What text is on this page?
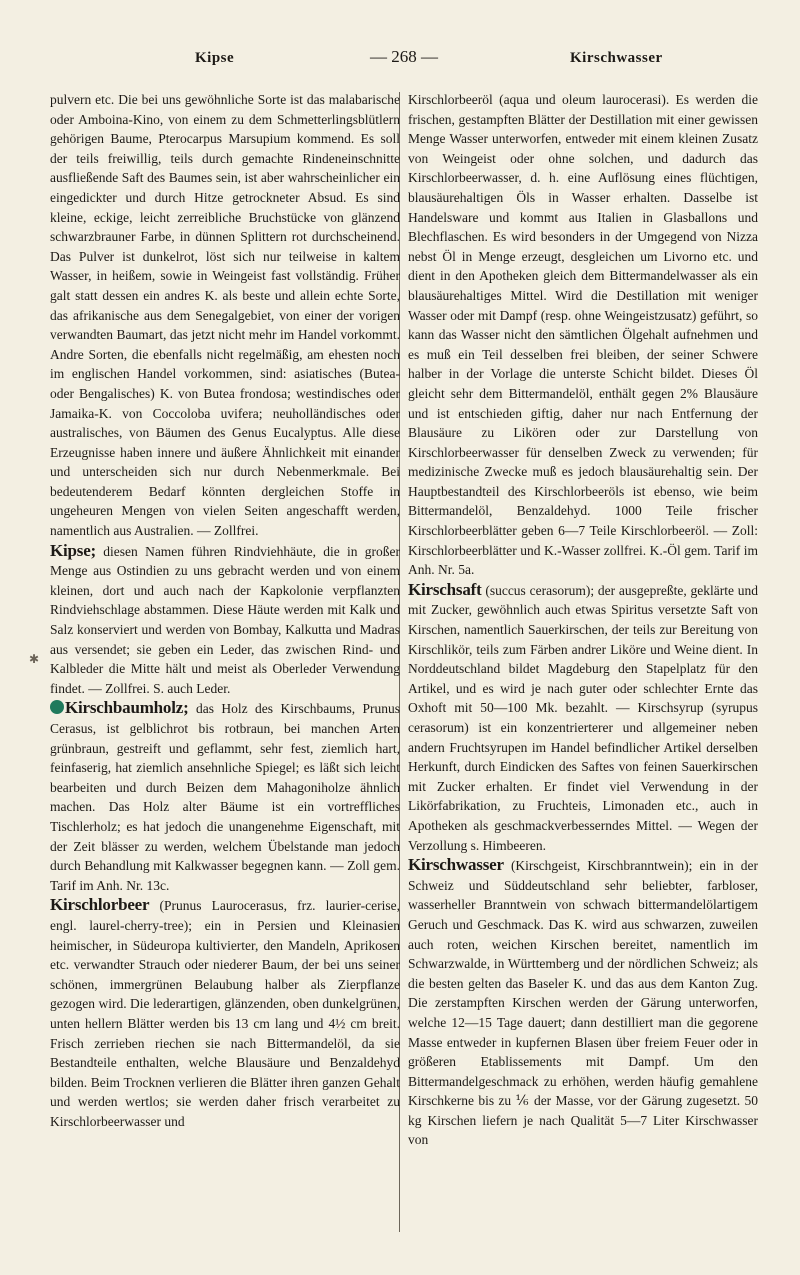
Kipse	— 268 —	Kirschwasser
✱

pulvern etc. Die bei uns gewöhnliche Sorte ist das malabarische oder Amboina-Kino, von einem zu dem Schmetterlingsblütlern gehörigen Baume, Pterocarpus Marsupium kommend. Es soll der teils freiwillig, teils durch gemachte Rindeneinschnitte ausfließende Saft des Baumes sein, ist aber wahrscheinlicher ein eingedickter und durch Hitze getrockneter Absud. Es sind kleine, eckige, leicht zerreibliche Bruchstücke von glänzend schwarzbrauner Farbe, in dünnen Splittern rot durchscheinend. Das Pulver ist dunkelrot, löst sich nur teilweise in kaltem Wasser, in heißem, sowie in Weingeist fast vollständig. Früher galt statt dessen ein andres K. als beste und allein echte Sorte, das afrikanische aus dem Senegalgebiet, von einer der vorigen verwandten Baumart, das jetzt nicht mehr im Handel vorkommt. Andre Sorten, die ebenfalls nicht regelmäßig, am ehesten noch im englischen Handel vorkommen, sind: asiatisches (Butea- oder Bengalisches) K. von Butea frondosa; westindisches oder Jamaika-K. von Coccoloba uvifera; neuholländisches oder australisches, von Bäumen des Genus Eucalyptus. Alle diese Erzeugnisse haben innere und äußere Ähnlichkeit mit einander und unterscheiden sich nur durch Nebenmerkmale. Bei bedeutenderem Bedarf könnten dergleichen Stoffe in ungeheuren Mengen von vielen Seiten angeschafft werden, namentlich aus Australien. — Zollfrei.

Kipse; diesen Namen führen Rindviehhäute, die in großer Menge aus Ostindien zu uns gebracht werden und von einem kleinen, dort und auch nach der Kapkolonie verpflanzten Rindviehschlage abstammen. Diese Häute werden mit Kalk und Salz konserviert und werden von Bombay, Kalkutta und Madras aus versendet; sie geben ein Leder, das zwischen Rind- und Kalbleder die Mitte hält und meist als Oberleder Verwendung findet. — Zollfrei. S. auch Leder.

Kirschbaumholz; das Holz des Kirschbaums, Prunus Cerasus, ist gelblichrot bis rotbraun, bei manchen Arten grünbraun, gestreift und geflammt, sehr fest, ziemlich hart, feinfaserig, hat ziemlich ansehnliche Spiegel; es läßt sich leicht bearbeiten und durch Beizen dem Mahagoniholze ähnlich machen. Das Holz alter Bäume ist ein vortreffliches Tischlerholz; es hat jedoch die unangenehme Eigenschaft, mit der Zeit blässer zu werden, welchem Übelstande man jedoch durch Behandlung mit Kalkwasser begegnen kann. — Zoll gem. Tarif im Anh. Nr. 13c.

Kirschlorbeer (Prunus Laurocerasus, frz. laurier-cerise, engl. laurel-cherry-tree); ein in Persien und Kleinasien heimischer, in Südeuropa kultivierter, den Mandeln, Aprikosen etc. verwandter Strauch oder niederer Baum, der bei uns seiner schönen, immergrünen Belaubung halber als Zierpflanze gezogen wird. Die lederartigen, glänzenden, oben dunkelgrünen, unten hellern Blätter werden bis 13 cm lang und 4½ cm breit. Frisch zerrieben riechen sie nach Bittermandelöl, da sie Bestandteile enthalten, welche Blausäure und Benzaldehyd bilden. Beim Trocknen verlieren die Blätter ihren ganzen Gehalt und werden wertlos; sie werden daher frisch verarbeitet zu Kirschlorbeerwasser und

Kirschlorbeeröl (aqua und oleum laurocerasi). Es werden die frischen, gestampften Blätter der Destillation mit einer gewissen Menge Wasser unterworfen, entweder mit einem kleinen Zusatz von Weingeist oder ohne solchen, und dadurch das Kirschlorbeerwasser, d. h. eine Auflösung eines flüchtigen, blausäurehaltigen Öls in Wasser erhalten. Dasselbe ist Handelsware und kommt aus Italien in Glasballons und Blechflaschen. Es wird besonders in der Umgegend von Nizza nebst Öl in Menge erzeugt, desgleichen um Livorno etc. und dient in den Apotheken gleich dem Bittermandelwasser als ein blausäurehaltiges Mittel. Wird die Destillation mit weniger Wasser oder mit Dampf (resp. ohne Weingeistzusatz) geführt, so kann das Wasser nicht den sämtlichen Ölgehalt aufnehmen und es muß ein Teil desselben frei bleiben, der seiner Schwere halber in der Vorlage die unterste Schicht bildet. Dieses Öl gleicht sehr dem Bittermandelöl, enthält gegen 2% Blausäure und ist entschieden giftig, daher nur nach Entfernung der Blausäure zu Likören oder zur Darstellung von Kirschlorbeerwasser für denselben Zweck zu verwenden; für medizinische Zwecke muß es jedoch blausäurehaltig sein. Der Hauptbestandteil des Kirschlorbeeröls ist ebenso, wie beim Bittermandelöl, Benzaldehyd. 1000 Teile frischer Kirschlorbeerblätter geben 6—7 Teile Kirschlorbeeröl. — Zoll: Kirschlorbeerblätter und K.-Wasser zollfrei. K.-Öl gem. Tarif im Anh. Nr. 5a.

Kirschsaft (succus cerasorum); der ausgepreßte, geklärte und mit Zucker, gewöhnlich auch etwas Spiritus versetzte Saft von Kirschen, namentlich Sauerkirschen, der teils zur Bereitung von Kirschlikör, teils zum Färben andrer Liköre und Weine dient. In Norddeutschland bildet Magdeburg den Stapelplatz für den Artikel, und es wird je nach guter oder schlechter Ernte das Oxhoft mit 50—100 Mk. bezahlt. — Kirschsyrup (syrupus cerasorum) ist ein konzentrierterer und allgemeiner neben andern Fruchtsyrupen im Handel befindlicher Artikel derselben Herkunft, durch Eindicken des Saftes von feinen Sauerkirschen mit Zucker erhalten. Er findet viel Verwendung in der Likörfabrikation, zu Fruchteis, Limonaden etc., auch in Apotheken als geschmackverbesserndes Mittel. — Wegen der Verzollung s. Himbeeren.

Kirschwasser (Kirschgeist, Kirschbranntwein); ein in der Schweiz und Süddeutschland sehr beliebter, farbloser, wasserheller Branntwein von schwach bittermandelölartigem Geruch und Geschmack. Das K. wird aus schwarzen, zuweilen auch roten, weichen Kirschen bereitet, namentlich im Schwarzwalde, in Württemberg und der nördlichen Schweiz; als die besten gelten das Baseler K. und das aus dem Kanton Zug. Die zerstampften Kirschen werden der Gärung unterworfen, welche 12—15 Tage dauert; dann destilliert man die gegorene Masse entweder in kupfernen Blasen über freiem Feuer oder in größeren Etablissements mit Dampf. Um den Bittermandelgeschmack zu erhöhen, werden häufig gemahlene Kirschkerne bis zu ⅙ der Masse, vor der Gärung zugesetzt. 50 kg Kirschen liefern je nach Qualität 5—7 Liter Kirschwasser von
